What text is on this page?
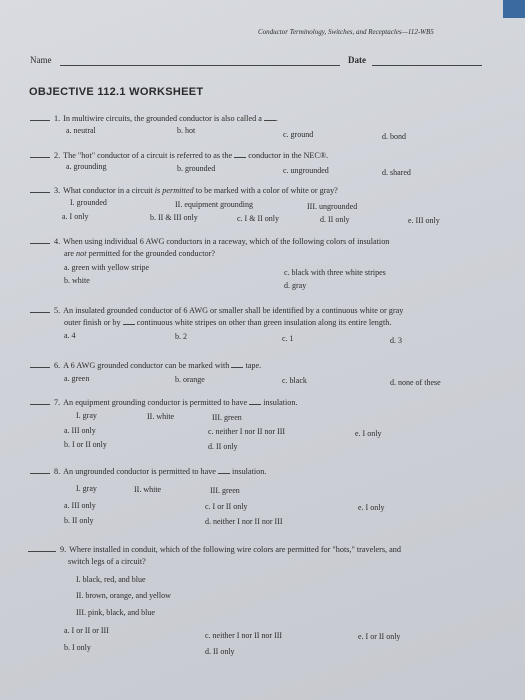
Conductor Terminology, Switches, and Receptacles—112-WB5
Name	Date
OBJECTIVE 112.1 WORKSHEET
1. In multiwire circuits, the grounded conductor is also called a .
a. neutral	b. hot	c. ground	d. bond
2. The "hot" conductor of a circuit is referred to as the conductor in the NEC®.
a. grounding	b. grounded	c. ungrounded	d. shared
3. What conductor in a circuit is permitted to be marked with a color of white or gray?
I. grounded	II. equipment grounding	III. ungrounded
a. I only	b. II & III only	c. I & II only	d. II only	e. III only
4. When using individual 6 AWG conductors in a raceway, which of the following colors of insulation
are not permitted for the grounded conductor?
a. green with yellow stripe
b. white
c. black with three white stripes
d. gray
5. An insulated grounded conductor of 6 AWG or smaller shall be identified by a continuous white or gray
outer finish or by continuous white stripes on other than green insulation along its entire length.
a. 4	b. 2	c. 1	d. 3
6. A 6 AWG grounded conductor can be marked with tape.
a. green	b. orange	c. black	d. none of these
7. An equipment grounding conductor is permitted to have insulation.
I. gray	II. white	III. green
a. III only
b. I or II only
c. neither I nor II nor III
d. II only
e. I only
8. An ungrounded conductor is permitted to have insulation.
I. gray	II. white	III. green
a. III only
b. II only
c. I or II only
d. neither I nor II nor III
e. I only
9. Where installed in conduit, which of the following wire colors are permitted for "hots," travelers, and
switch legs of a circuit?
I. black, red, and blue
II. brown, orange, and yellow
III. pink, black, and blue
a. I or II or III
b. I only
c. neither I nor II nor III
d. II only
e. I or II only
